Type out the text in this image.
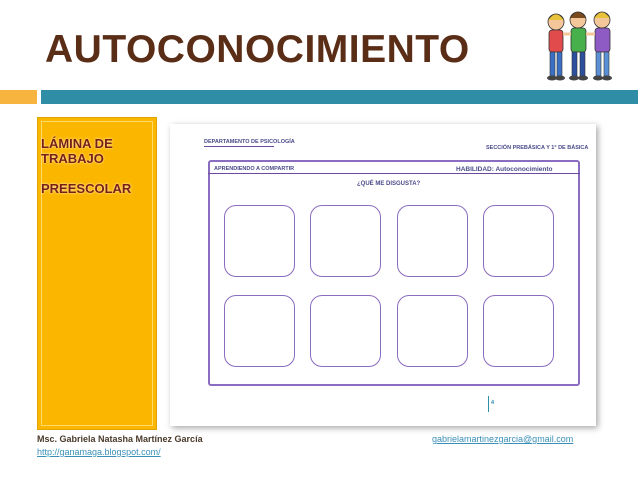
AUTOCONOCIMIENTO
LÁMINA DE
TRABAJO
PREESCOLAR
DEPARTAMENTO DE PSICOLOGÍA
SECCIÓN PREBÁSICA Y 1° DE BÁSICA
APRENDIENDO A COMPARTIR	HABILIDAD: Autoconocimiento
¿QUÉ ME DISGUSTA?
4
Msc. Gabriela Natasha Martínez García
http://ganamaga.blogspot.com/
gabrielamartinezgarcia@gmail.com
